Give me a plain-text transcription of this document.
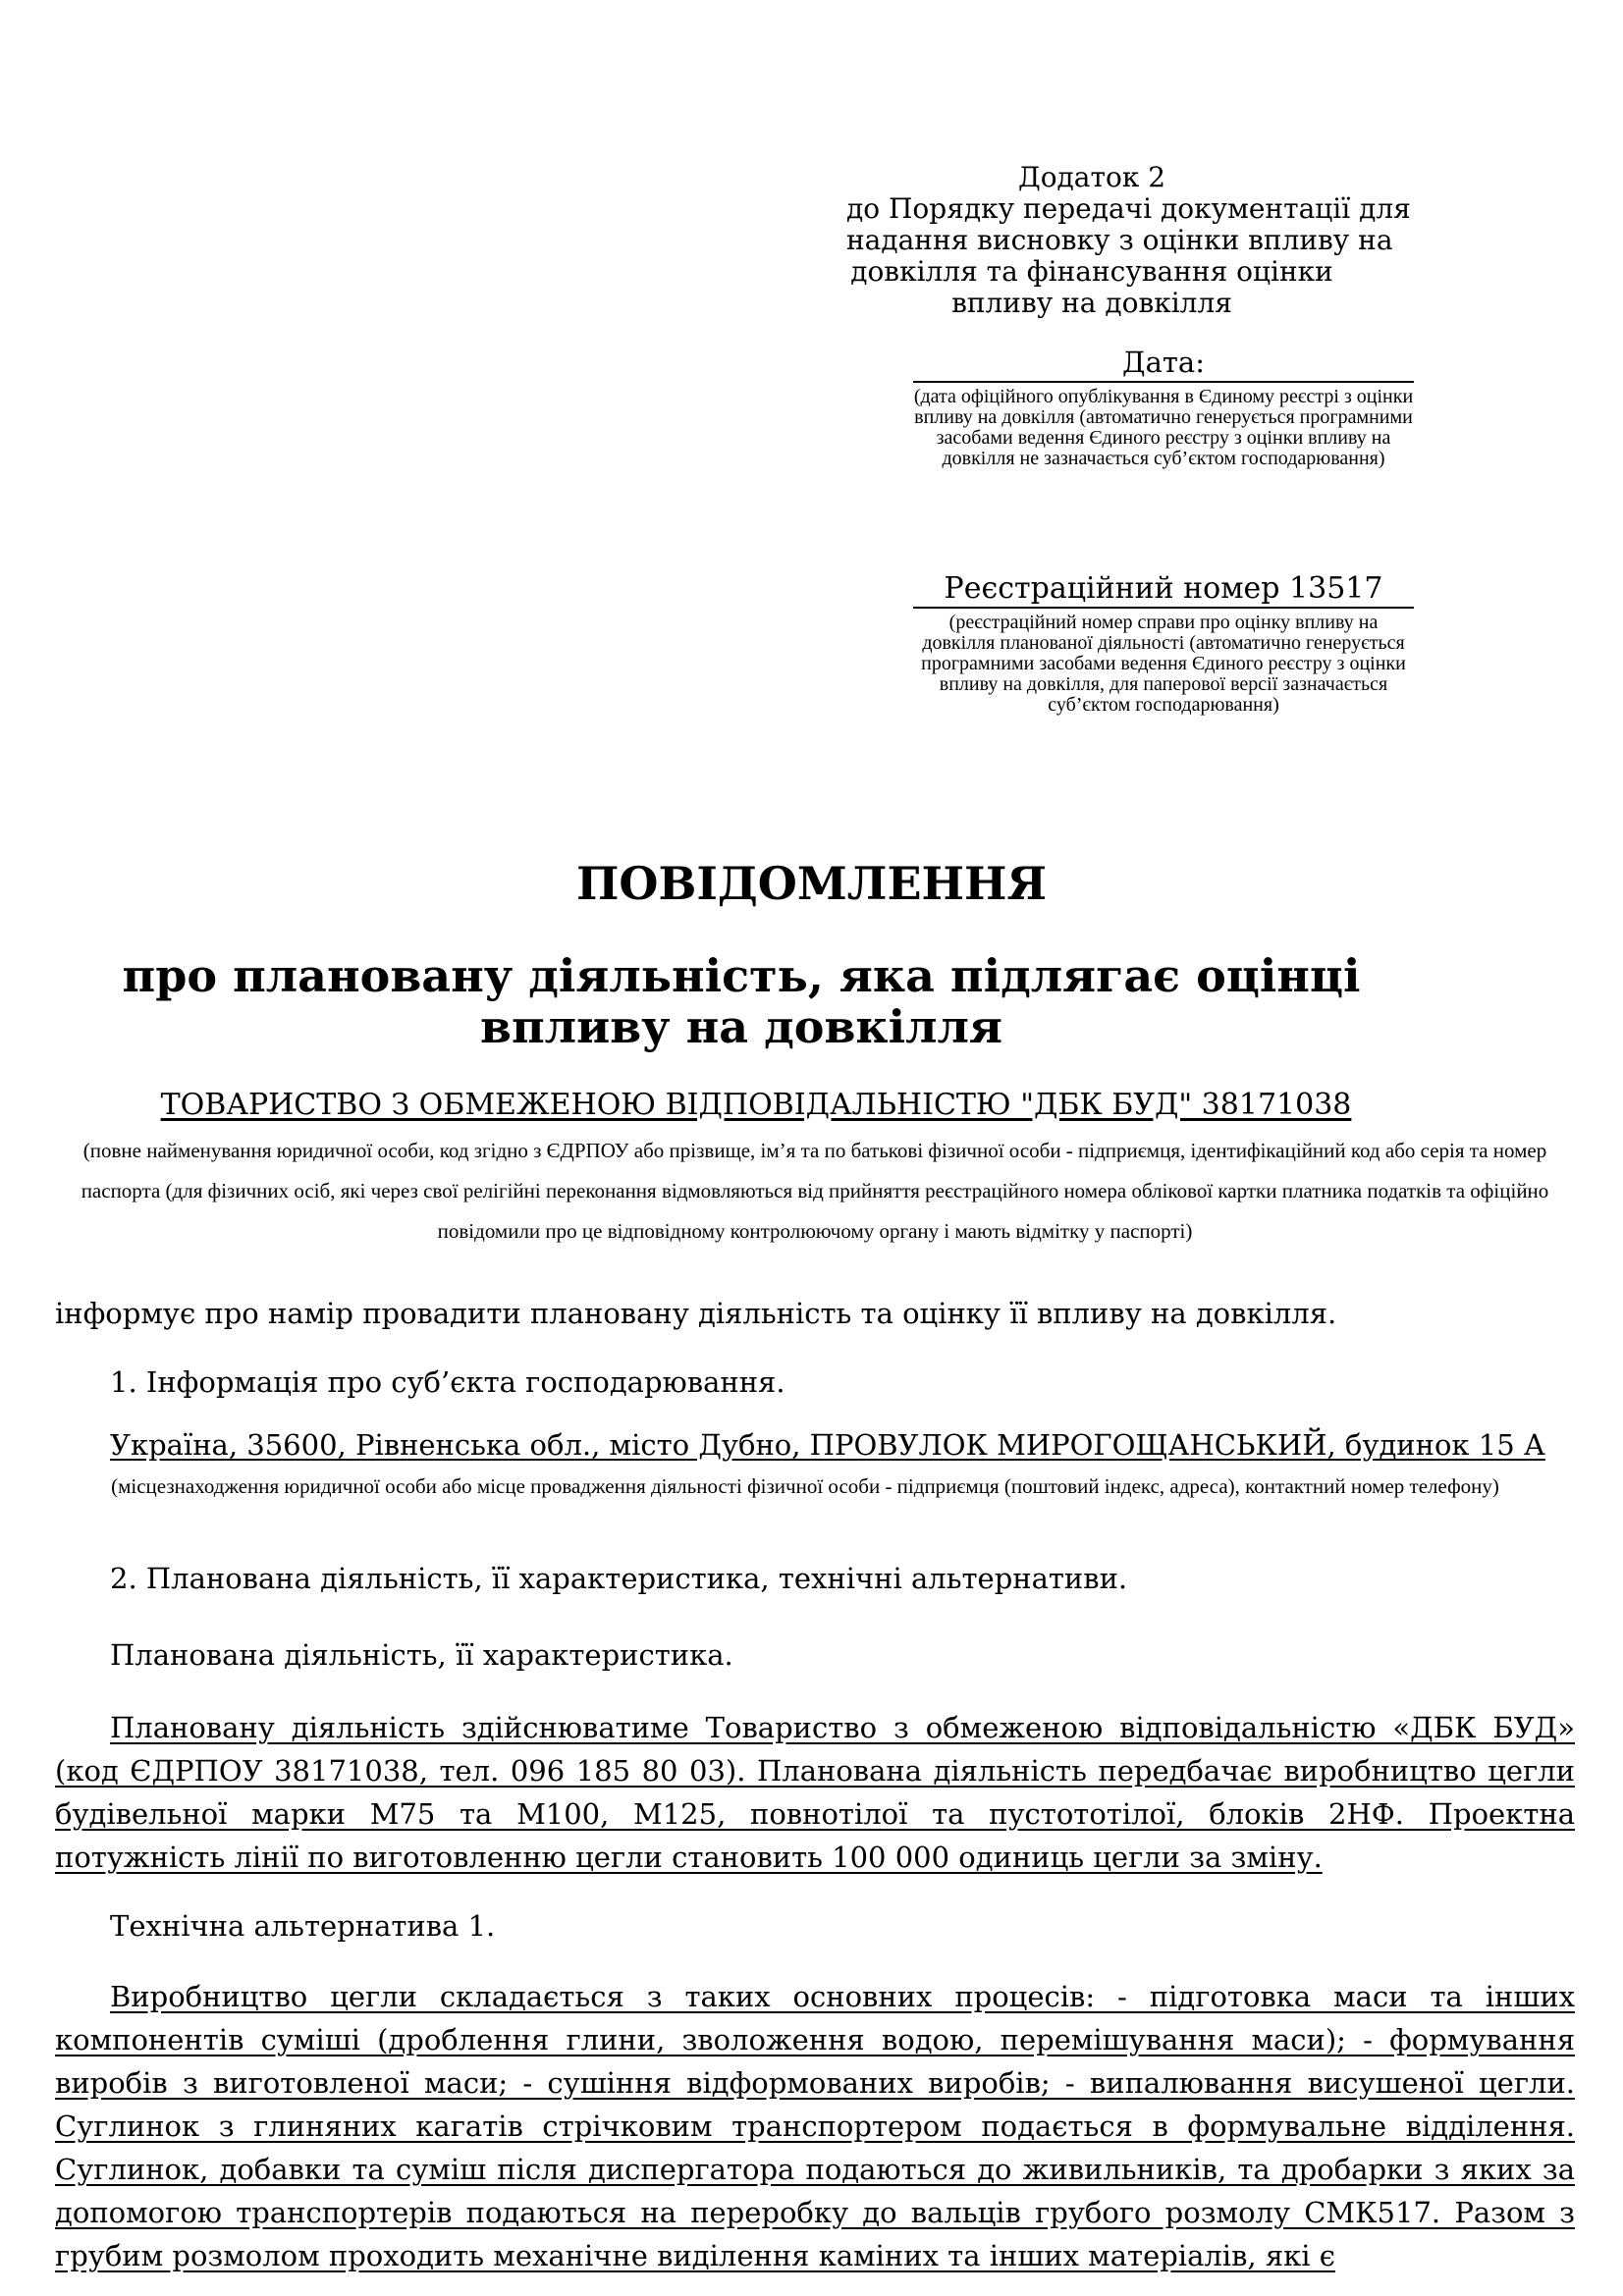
Додаток 2
до Порядку передачі документації для
надання висновку з оцінки впливу на
довкілля та фінансування оцінки
впливу на довкілля
Дата:
(дата офіційного опублікування в Єдиному реєстрі з оцінки впливу на довкілля (автоматично генерується програмними засобами ведення Єдиного реєстру з оцінки впливу на довкілля не зазначається суб’єктом господарювання)
Реєстраційний номер 13517
(реєстраційний номер справи про оцінку впливу на довкілля планованої діяльності (автоматично генерується програмними засобами ведення Єдиного реєстру з оцінки впливу на довкілля, для паперової версії зазначається суб’єктом господарювання)
ПОВІДОМЛЕННЯ
про плановану діяльність, яка підлягає оцінці впливу на довкілля
ТОВАРИСТВО З ОБМЕЖЕНОЮ ВІДПОВІДАЛЬНІСТЮ "ДБК БУД" 38171038
(повне найменування юридичної особи, код згідно з ЄДРПОУ або прізвище, ім’я та по батькові фізичної особи - підприємця, ідентифікаційний код або серія та номер паспорта (для фізичних осіб, які через свої релігійні переконання відмовляються від прийняття реєстраційного номера облікової картки платника податків та офіційно повідомили про це відповідному контролюючому органу і мають відмітку у паспорті)
інформує про намір провадити плановану діяльність та оцінку її впливу на довкілля.
1. Інформація про суб’єкта господарювання.
Україна, 35600, Рівненська обл., місто Дубно, ПРОВУЛОК МИРОГОЩАНСЬКИЙ, будинок 15 А
(місцезнаходження юридичної особи або місце провадження діяльності фізичної особи - підприємця (поштовий індекс, адреса), контактний номер телефону)
2. Планована діяльність, її характеристика, технічні альтернативи.
Планована діяльність, її характеристика.
Плановану діяльність здійснюватиме Товариство з обмеженою відповідальністю «ДБК БУД» (код ЄДРПОУ 38171038, тел. 096 185 80 03). Планована діяльність передбачає виробництво цегли будівельної марки М75 та М100, М125, повнотілої та пустототілої, блоків 2НФ. Проектна потужність лінії по виготовленню цегли становить 100 000 одиниць цегли за зміну.
Технічна альтернатива 1.
Виробництво цегли складається з таких основних процесів: - підготовка маси та інших компонентів суміші (дроблення глини, зволоження водою, перемішування маси); - формування виробів з виготовленої маси; - сушіння відформованих виробів; - випалювання висушеної цегли. Суглинок з глиняних кагатів стрічковим транспортером подається в формувальне відділення. Суглинок, добавки та суміш після диспергатора подаються до живильників, та дробарки з яких за допомогою транспортерів подаються на переробку до вальців грубого розмолу СМК517. Разом з грубим розмолом проходить механічне виділення каміних та інших матеріалів, які є
